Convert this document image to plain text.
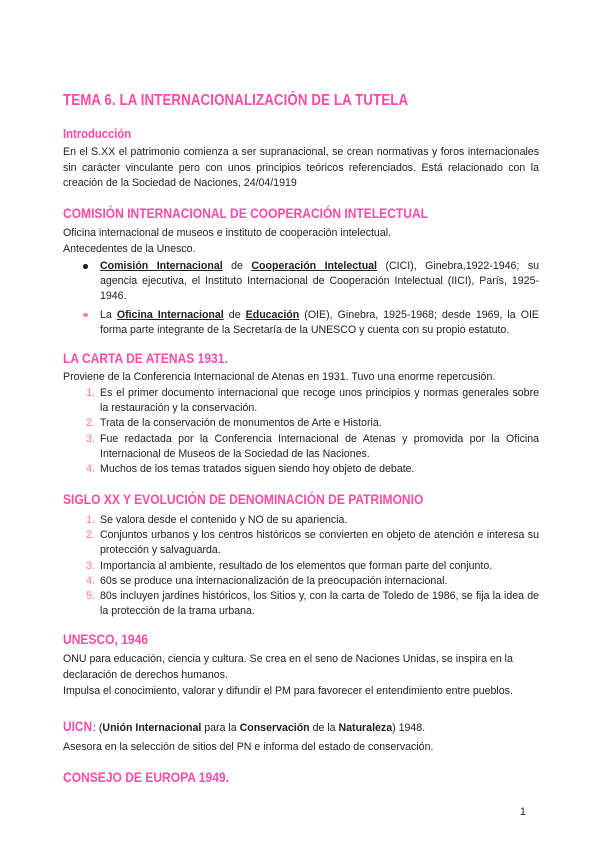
TEMA 6. LA INTERNACIONALIZACIÓN DE LA TUTELA
Introducción
En el S.XX el patrimonio comienza a ser supranacional, se crean normativas y foros internacionales sin carácter vinculante pero con unos principios teóricos referenciados. Está relacionado con la creación de la Sociedad de Naciones, 24/04/1919
COMISIÓN INTERNACIONAL DE COOPERACIÓN INTELECTUAL
Oficina internacional de museos e instituto de cooperación intelectual.
Antecedentes de la Unesco.
Comisión Internacional de Cooperación Intelectual (CICI), Ginebra,1922-1946; su agencia ejecutiva, el Instituto Internacional de Cooperación Intelectual (IICI), París, 1925-1946.
La Oficina Internacional de Educación (OIE), Ginebra, 1925-1968; desde 1969, la OIE forma parte integrante de la Secretaría de la UNESCO y cuenta con su propio estatuto.
LA CARTA DE ATENAS 1931.
Proviene de la Conferencia Internacional de Atenas en 1931. Tuvo una enorme repercusión.
1. Es el primer documento internacional que recoge unos principios y normas generales sobre la restauración y la conservación.
2. Trata de la conservación de monumentos de Arte e Historia.
3. Fue redactada por la Conferencia Internacional de Atenas y promovida por la Oficina Internacional de Museos de la Sociedad de las Naciones.
4. Muchos de los temas tratados siguen siendo hoy objeto de debate.
SIGLO XX Y EVOLUCIÓN DE DENOMINACIÓN DE PATRIMONIO
1. Se valora desde el contenido y NO de su apariencia.
2. Conjuntos urbanos y los centros históricos se convierten en objeto de atención e interesa su protección y salvaguarda.
3. Importancia al ambiente, resultado de los elementos que forman parte del conjunto.
4. 60s se produce una internacionalización de la preocupación internacional.
5. 80s incluyen jardines históricos, los Sitios y, con la carta de Toledo de 1986, se fija la idea de la protección de la trama urbana.
UNESCO, 1946
ONU para educación, ciencia y cultura. Se crea en el seno de Naciones Unidas, se inspira en la declaración de derechos humanos.
Impulsa el conocimiento, valorar y difundir el PM para favorecer el entendimiento entre pueblos.
UICN: (Unión Internacional para la Conservación de la Naturaleza) 1948.
Asesora en la selección de sitios del PN e informa del estado de conservación.
CONSEJO DE EUROPA 1949.
1
